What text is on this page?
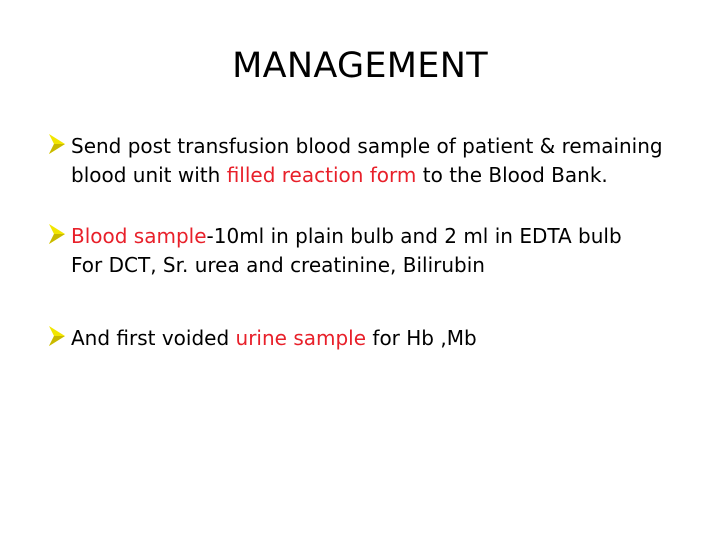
MANAGEMENT
Send post transfusion blood sample of patient & remaining blood unit with filled reaction form to the Blood Bank.
Blood sample-10ml in plain bulb and 2 ml in EDTA bulb
For DCT, Sr. urea and creatinine, Bilirubin
And first voided urine sample for Hb ,Mb
